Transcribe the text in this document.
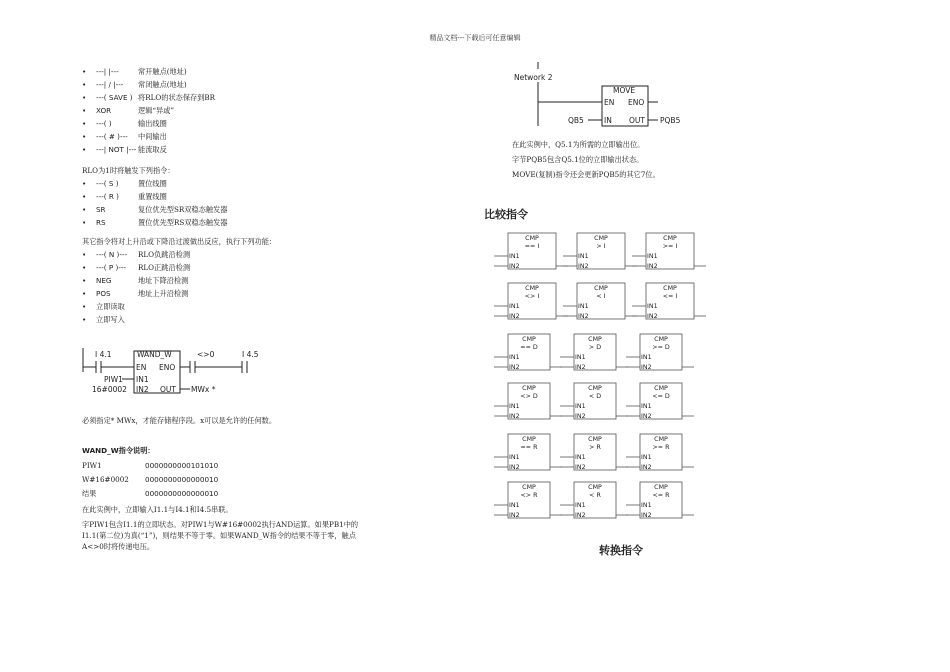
精品文档---下载后可任意编辑
• ---| |---	常开触点(地址)
• ---| / |--- 常闭触点(地址)
• ---( SAVE ) 将RLO的状态保存到BR
• XOR	逻辑“异或”
• ---( )	输出线圈
• ---( # )--- 中间输出
• ---| NOT |--- 能流取反
RLO为1时将触发下列指令：
• ---( S )	置位线圈
• ---( R )	重置线圈
• SR	复位优先型SR双稳态触发器
• RS	置位优先型RS双稳态触发器
其它指令将对上升沿或下降沿过渡做出反应，执行下列功能：
• ---( N )--- RLO负跳沿检测
• ---( P )--- RLO正跳沿检测
• NEG	地址下降沿检测
• POS	地址上升沿检测
• 立即读取
• 立即写入
必须指定* MWx，才能存储程序段。x可以是允许的任何数。
WAND_W指令说明：
PIW1	0000000000101010
W#16#0002 0000000000000010
结果	0000000000000010
在此实例中，立即输入I1.1与I4.1和I4.5串联。
字PIW1包含I1.1的立即状态。对PIW1与W#16#0002执行AND运算。如果PB1中的
I1.1(第二位)为真(“1”)，则结果不等于零。如果WAND_W指令的结果不等于零，触点
A<>0时将传递电压。
I 4.1	WAND_W
EN ENO
IN1
IN2 OUT
PIW1
16#0002
<>0	I 4.5
MWx *
Network 2
MOVE
EN ENO
IN OUT
QB5	PQB5
在此实例中，Q5.1为所需的立即输出位。
字节PQB5包含Q5.1位的立即输出状态。
MOVE(复制)指令还会更新PQB5的其它7位。
比较指令
CMP
== I
IN1
IN2
CMP
> I
IN1
IN2
CMP
>= I
IN1
IN2
CMP
<> I
IN1
IN2
CMP
< I
IN1
IN2
CMP
<= I
IN1
IN2
CMP
== D
IN1
IN2
CMP
> D
IN1
IN2
CMP
>= D
IN1
IN2
CMP
<> D
IN1
IN2
CMP
< D
IN1
IN2
CMP
<= D
IN1
IN2
CMP
== R
IN1
IN2
CMP
> R
IN1
IN2
CMP
>= R
IN1
IN2
CMP
<> R
IN1
IN2
CMP
< R
IN1
IN2
CMP
<= R
IN1
IN2
转换指令
